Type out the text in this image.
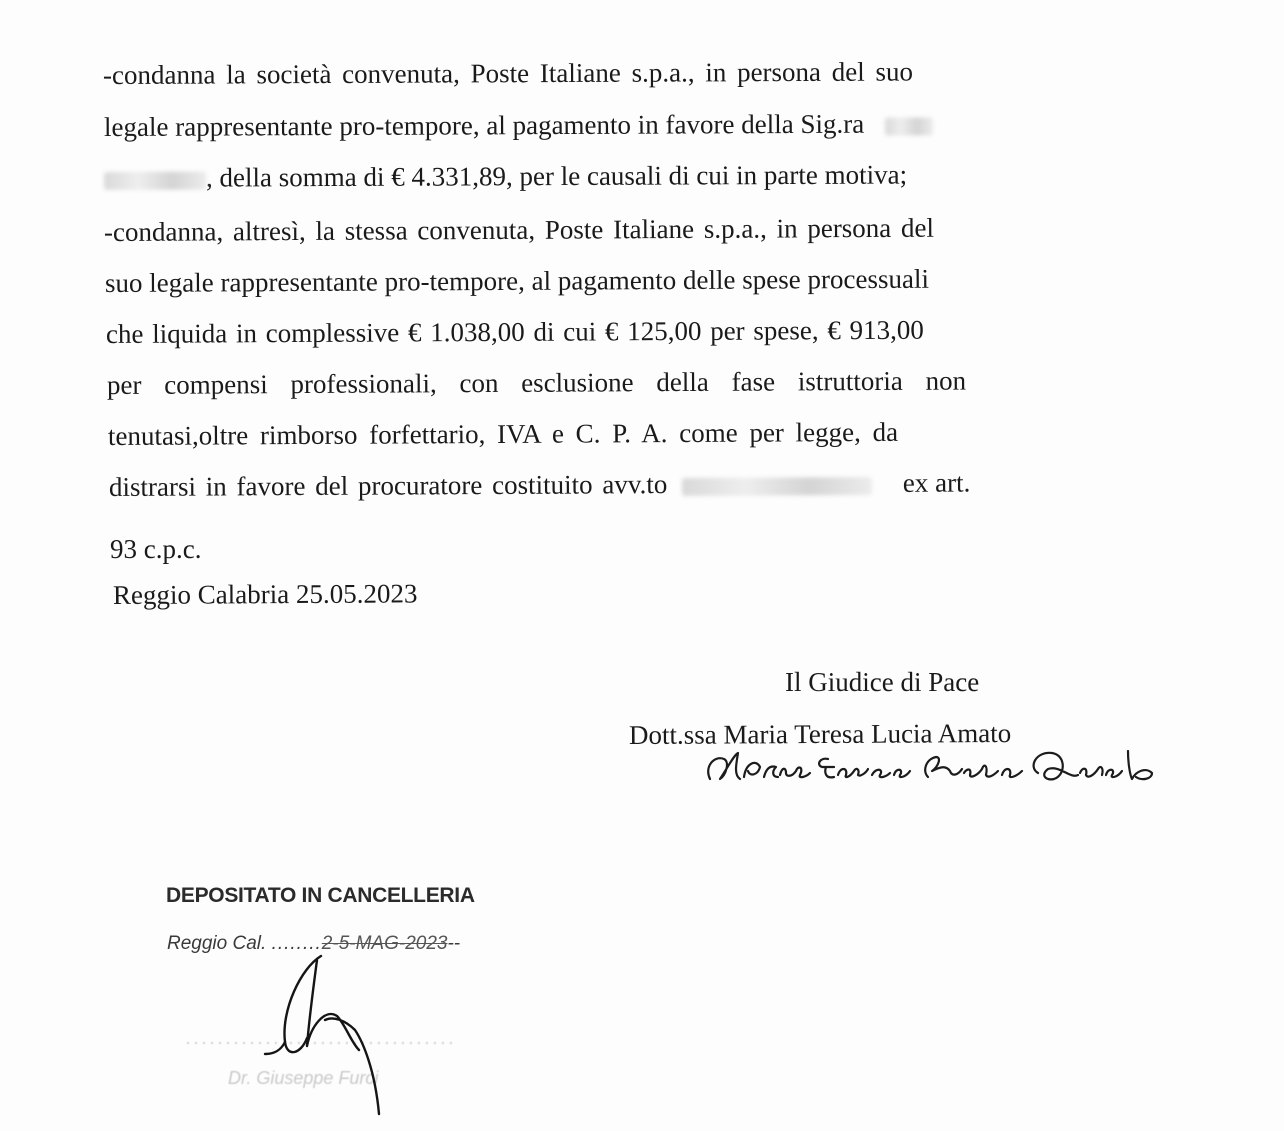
-condanna la società convenuta, Poste Italiane s.p.a., in persona del suo
legale rappresentante pro-tempore, al pagamento in favore della Sig.ra
, della somma di € 4.331,89, per le causali di cui in parte motiva;
-condanna, altresì, la stessa convenuta, Poste Italiane s.p.a., in persona del
suo legale rappresentante pro-tempore, al pagamento delle spese processuali
che liquida in complessive € 1.038,00 di cui € 125,00 per spese, € 913,00
per compensi professionali, con esclusione della fase istruttoria non
tenutasi,oltre rimborso forfettario, IVA e C. P. A. come per legge, da
distrarsi in favore del procuratore costituito avv.to	ex art.
93 c.p.c.
Reggio Calabria 25.05.2023
Il Giudice di Pace
Dott.ssa Maria Teresa Lucia Amato
DEPOSITATO IN CANCELLERIA
Reggio Cal. ........2-5-MAG-2023--
············ ·····················
Dr. Giuseppe Furci
